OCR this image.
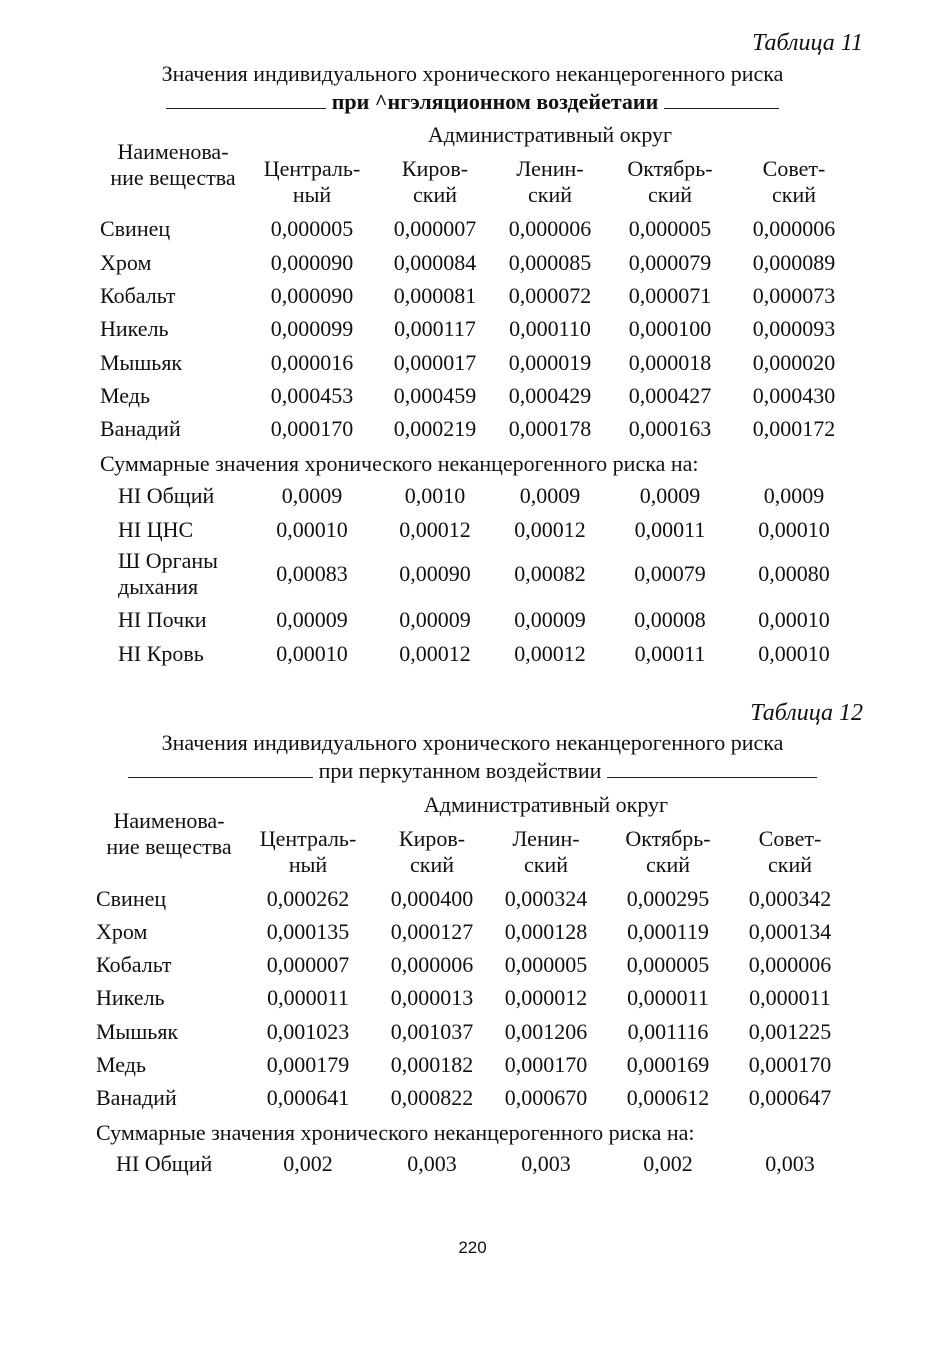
Таблица 11
Значения индивидуального хронического неканцерогенного риска
при ^нгэляционном воздейетаии
Наименова-
ние вещества
Административный округ
Централь-
ный
Киров-
ский
Ленин-
ский
Октябрь-
ский
Совет-
ский
Свинец	0,000005	0,000007	0,000006	0,000005	0,000006
Хром	0,000090	0,000084	0,000085	0,000079	0,000089
Кобальт	0,000090	0,000081	0,000072	0,000071	0,000073
Никель	0,000099	0,000117	0,000110	0,000100	0,000093
Мышьяк	0,000016	0,000017	0,000019	0,000018	0,000020
Медь	0,000453	0,000459	0,000429	0,000427	0,000430
Ванадий	0,000170	0,000219	0,000178	0,000163	0,000172
Суммарные значения хронического неканцерогенного риска на:
HI Общий	0,0009	0,0010	0,0009	0,0009	0,0009
HI ЦНС	0,00010	0,00012	0,00012	0,00011	0,00010
Ш Органы
дыхания
0,00083	0,00090	0,00082	0,00079	0,00080
HI Почки	0,00009	0,00009	0,00009	0,00008	0,00010
HI Кровь	0,00010	0,00012	0,00012	0,00011	0,00010
Таблица 12
Значения индивидуального хронического неканцерогенного риска
при перкутанном воздействии
Наименова-
ние вещества
Административный округ
Централь-
ный
Киров-
ский
Ленин-
ский
Октябрь-
ский
Совет-
ский
Свинец	0,000262	0,000400	0,000324	0,000295	0,000342
Хром	0,000135	0,000127	0,000128	0,000119	0,000134
Кобальт	0,000007	0,000006	0,000005	0,000005	0,000006
Никель	0,000011	0,000013	0,000012	0,000011	0,000011
Мышьяк	0,001023	0,001037	0,001206	0,001116	0,001225
Медь	0,000179	0,000182	0,000170	0,000169	0,000170
Ванадий	0,000641	0,000822	0,000670	0,000612	0,000647
Суммарные значения хронического неканцерогенного риска на:
HI Общий	0,002	0,003	0,003	0,002	0,003
220
